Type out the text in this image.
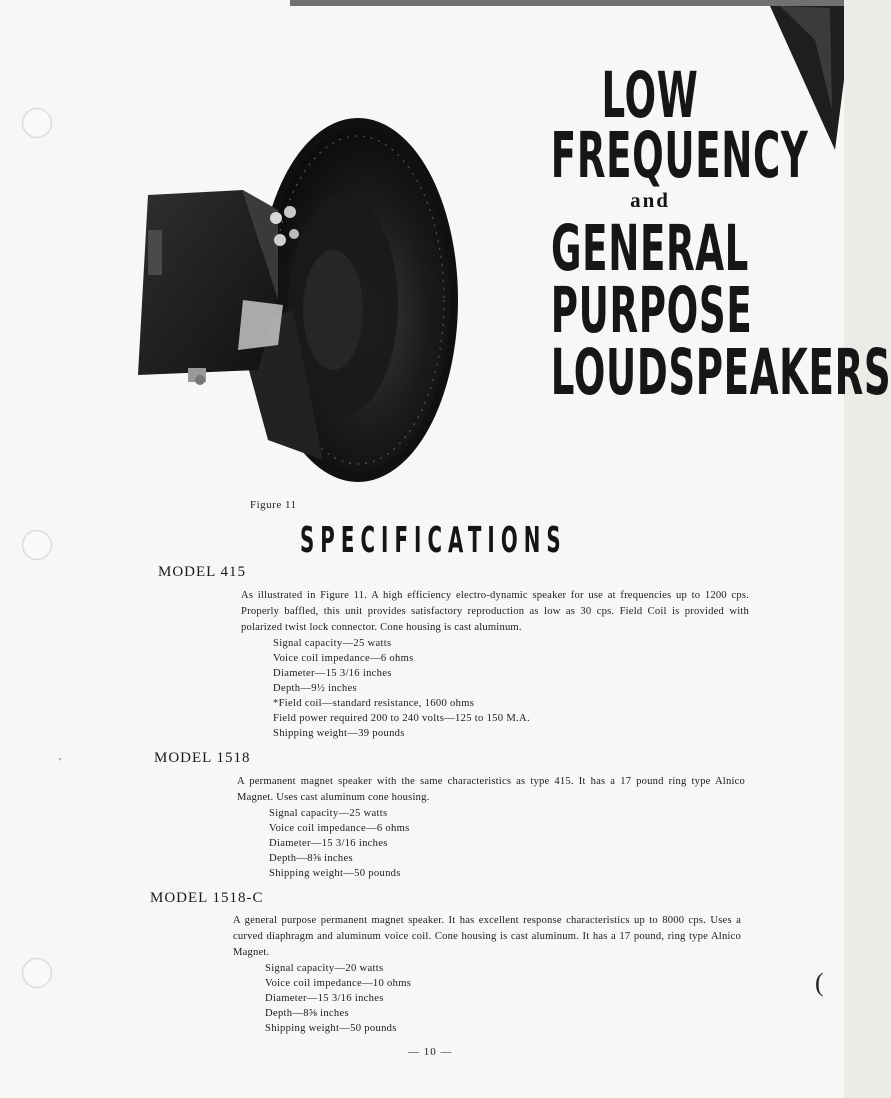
Figure 11
LOW
FREQUENCY
and
GENERAL
PURPOSE
LOUDSPEAKERS
SPECIFICATIONS
MODEL 415
As illustrated in Figure 11. A high efficiency electro-dynamic speaker for use at frequencies up to 1200 cps. Properly baffled, this unit provides satisfactory reproduction as low as 30 cps. Field Coil is provided with polarized twist lock connector. Cone housing is cast aluminum.
Signal capacity—25 watts
Voice coil impedance—6 ohms
Diameter—15 3/16 inches
Depth—9½ inches
*Field coil—standard resistance, 1600 ohms
Field power required 200 to 240 volts—125 to 150 M.A.
Shipping weight—39 pounds
MODEL 1518
A permanent magnet speaker with the same characteristics as type 415. It has a 17 pound ring type Alnico Magnet. Uses cast aluminum cone housing.
Signal capacity—25 watts
Voice coil impedance—6 ohms
Diameter—15 3/16 inches
Depth—8⅝ inches
Shipping weight—50 pounds
MODEL 1518-C
A general purpose permanent magnet speaker. It has excellent response characteristics up to 8000 cps. Uses a curved diaphragm and aluminum voice coil. Cone housing is cast aluminum. It has a 17 pound, ring type Alnico Magnet.
Signal capacity—20 watts
Voice coil impedance—10 ohms
Diameter—15 3/16 inches
Depth—8⅝ inches
Shipping weight—50 pounds
— 10 —
'
(
